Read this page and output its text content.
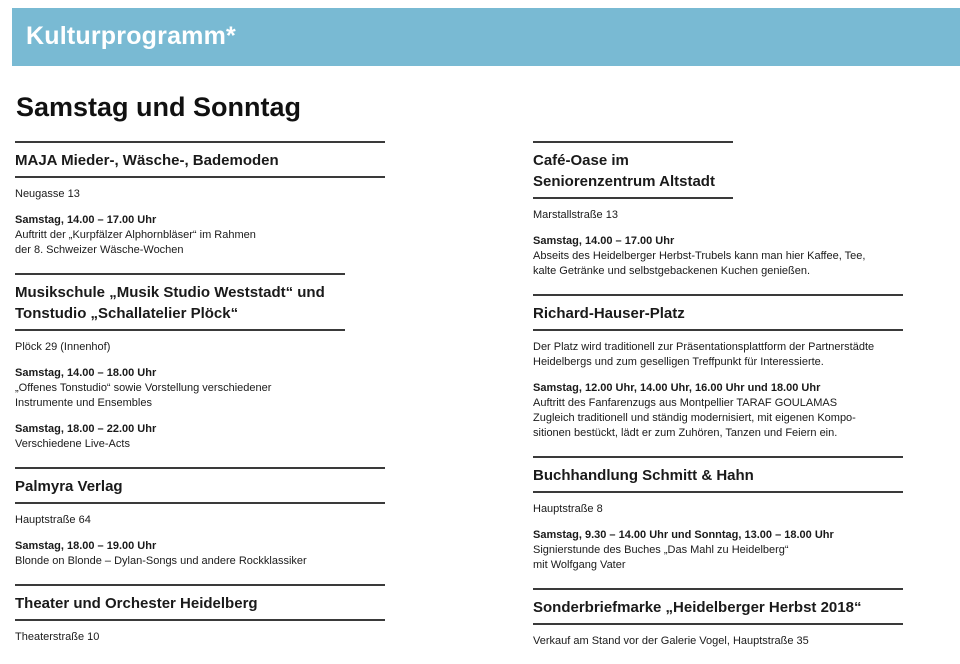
Kulturprogramm*
Samstag und Sonntag
MAJA Mieder-, Wäsche-, Bademoden
Neugasse 13
Samstag, 14.00 – 17.00 Uhr
Auftritt der „Kurpfälzer Alphornbläser“ im Rahmen
der 8. Schweizer Wäsche-Wochen
Musikschule „Musik Studio Weststadt“ und Tonstudio „Schallatelier Plöck“
Plöck 29 (Innenhof)
Samstag, 14.00 – 18.00 Uhr
„Offenes Tonstudio“ sowie Vorstellung verschiedener
Instrumente und Ensembles
Samstag, 18.00 – 22.00 Uhr
Verschiedene Live-Acts
Palmyra Verlag
Hauptstraße 64
Samstag, 18.00 – 19.00 Uhr
Blonde on Blonde – Dylan-Songs und andere Rockklassiker
Theater und Orchester Heidelberg
Theaterstraße 10
Café-Oase im Seniorenzentrum Altstadt
Marstallstraße 13
Samstag, 14.00 – 17.00 Uhr
Abseits des Heidelberger Herbst-Trubels kann man hier Kaffee, Tee,
kalte Getränke und selbstgebackenen Kuchen genießen.
Richard-Hauser-Platz
Der Platz wird traditionell zur Präsentationsplattform der Partnerstädte
Heidelbergs und zum geselligen Treffpunkt für Interessierte.
Samstag, 12.00 Uhr, 14.00 Uhr, 16.00 Uhr und 18.00 Uhr
Auftritt des Fanfarenzugs aus Montpellier TARAF GOULAMAS
Zugleich traditionell und ständig modernisiert, mit eigenen Kompo-
sitionen bestückt, lädt er zum Zuhören, Tanzen und Feiern ein.
Buchhandlung Schmitt & Hahn
Hauptstraße 8
Samstag, 9.30 – 14.00 Uhr und Sonntag, 13.00 – 18.00 Uhr
Signierstunde des Buches „Das Mahl zu Heidelberg“
mit Wolfgang Vater
Sonderbriefmarke „Heidelberger Herbst 2018“
Verkauf am Stand vor der Galerie Vogel, Hauptstraße 35
